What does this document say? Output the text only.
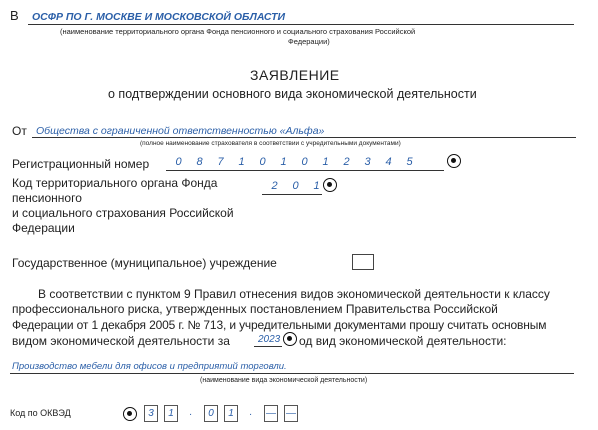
В ОСФР ПО Г. МОСКВЕ И МОСКОВСКОЙ ОБЛАСТИ
(наименование территориального органа Фонда пенсионного и социального страхования Российской
Федерации)
ЗАЯВЛЕНИЕ
о подтверждении основного вида экономической деятельности
От Общества с ограниченной ответственностью «Альфа»
(полное наименование страхователя в соответствии с учредительными документами)
Регистрационный номер	0	8	7	1	0	1	0	1	2	3	4	5
Код территориального органа Фонда
пенсионного
и социального страхования Российской
Федерации
2	0	1
Государственное (муниципальное) учреждение
В соответствии с пунктом 9 Правил отнесения видов экономической деятельности к классу
профессионального риска, утвержденных постановлением Правительства Российской
Федерации от 1 декабря 2005 г. № 713, и учредительными документами прошу считать основным
видом экономической деятельности за	2023 од вид экономической деятельности:
Производство мебели для офисов и предприятий торговли.
(наименование вида экономической деятельности)
Код по ОКВЭД	3	1	.	0	1	.	— —
